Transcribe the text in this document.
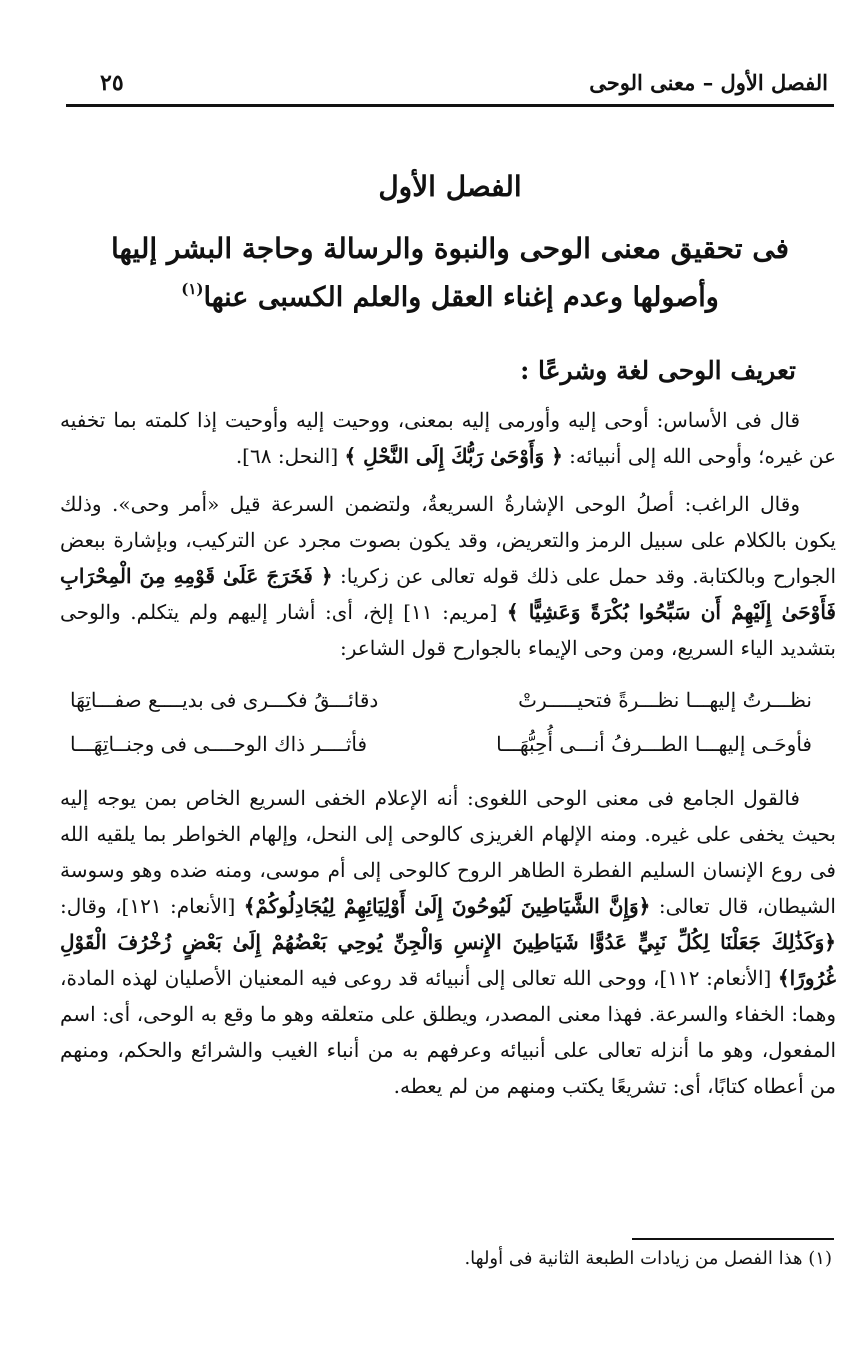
الفصل الأول – معنى الوحى
٢٥
الفصل الأول
فى تحقيق معنى الوحى والنبوة والرسالة وحاجة البشر إليها
وأصولها وعدم إغناء العقل والعلم الكسبى عنها$^{(١)}$
تعريف الوحى لغة وشرعًا :

قال فى الأساس: أوحى إليه وأورمى إليه بمعنى، ووحيت إليه وأوحيت إذا كلمته بما تخفيه عن غيره؛ وأوحى الله إلى أنبيائه: ﴿ وَأَوْحَىٰ رَبُّكَ إِلَى النَّحْلِ ﴾ [النحل: ٦٨].

وقال الراغب: أصلُ الوحى الإشارةُ السريعةُ، ولتضمن السرعة قيل «أمر وحى». وذلك يكون بالكلام على سبيل الرمز والتعريض، وقد يكون بصوت مجرد عن التركيب، وبإشارة ببعض الجوارح وبالكتابة. وقد حمل على ذلك قوله تعالى عن زكريا: ﴿ فَخَرَجَ عَلَىٰ قَوْمِهِ مِنَ الْمِحْرَابِ فَأَوْحَىٰ إِلَيْهِمْ أَن سَبِّحُوا بُكْرَةً وَعَشِيًّا ﴾ [مريم: ١١] إلخ، أى: أشار إليهم ولم يتكلم. والوحى بتشديد الياء السريع، ومن وحى الإيماء بالجوارح قول الشاعر:

نظـــرتُ إليهـــا نظـــرةً فتحيـــــرتْ
دقائـــقُ فكـــرى فى بديــــع صفـــاتِهَا
فأوحَـى إليهـــا الطـــرفُ أنـــى أُحِبُّهَـــا
فأثــــر ذاك الوحــــى فى وجنــاتِهَـــا

فالقول الجامع فى معنى الوحى اللغوى: أنه الإعلام الخفى السريع الخاص بمن يوجه إليه بحيث يخفى على غيره. ومنه الإلهام الغريزى كالوحى إلى النحل، وإلهام الخواطر بما يلقيه الله فى روع الإنسان السليم الفطرة الطاهر الروح كالوحى إلى أم موسى، ومنه ضده وهو وسوسة الشيطان، قال تعالى: ﴿وَإِنَّ الشَّيَاطِينَ لَيُوحُونَ إِلَىٰ أَوْلِيَائِهِمْ لِيُجَادِلُوكُمْ﴾ [الأنعام: ١٢١]، وقال: ﴿وَكَذَٰلِكَ جَعَلْنَا لِكُلِّ نَبِيٍّ عَدُوًّا شَيَاطِينَ الإِنسِ وَالْجِنِّ يُوحِي بَعْضُهُمْ إِلَىٰ بَعْضٍ زُخْرُفَ الْقَوْلِ غُرُورًا﴾ [الأنعام: ١١٢]، ووحى الله تعالى إلى أنبيائه قد روعى فيه المعنيان الأصليان لهذه المادة، وهما: الخفاء والسرعة. فهذا معنى المصدر، ويطلق على متعلقه وهو ما وقع به الوحى، أى: اسم المفعول، وهو ما أنزله تعالى على أنبيائه وعرفهم به من أنباء الغيب والشرائع والحكم، ومنهم من أعطاه كتابًا، أى: تشريعًا يكتب ومنهم من لم يعطه.

(١) هذا الفصل من زيادات الطبعة الثانية فى أولها.
